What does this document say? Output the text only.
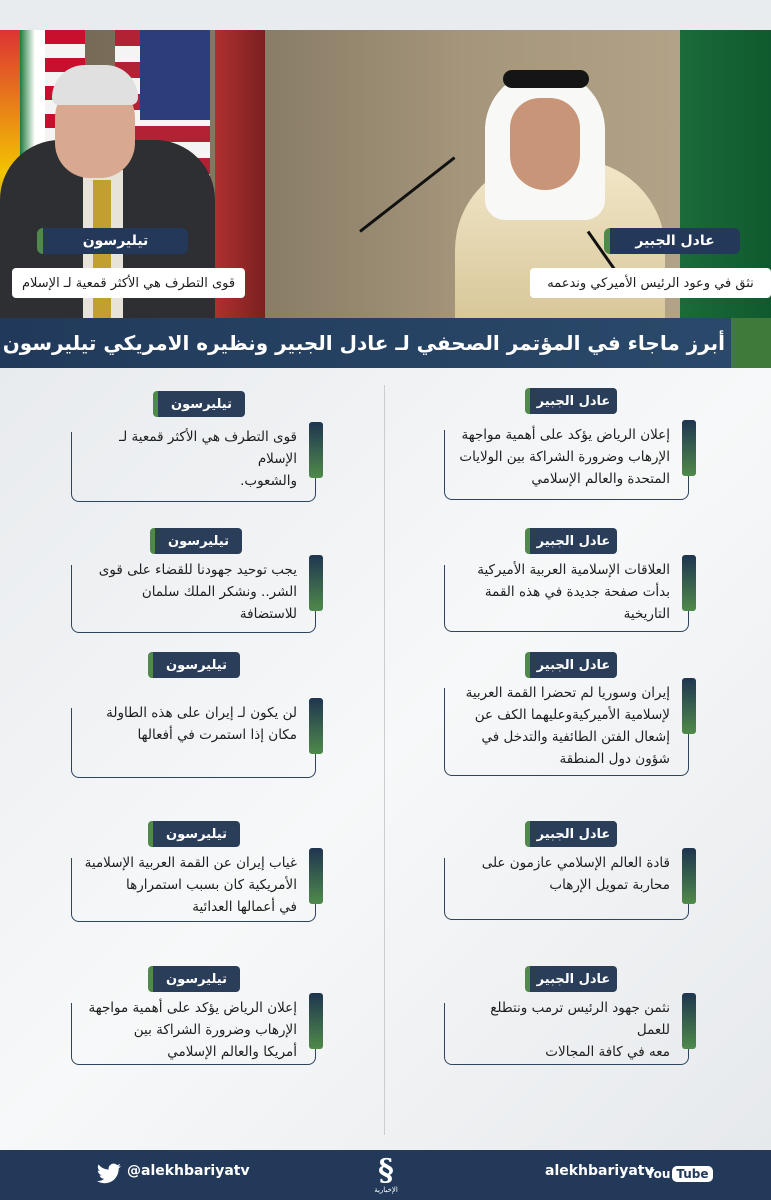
تيليرسون
قوى التطرف هي الأكثر قمعية لـ الإسلام
عادل الجبير
نثق في وعود الرئيس الأميركي وندعمه
أبرز ماجاء في المؤتمر الصحفي لـ عادل الجبير ونظيره الامريكي تيليرسون
عادل الجبير
إعلان الرياض يؤكد على أهمية مواجهة
الإرهاب وضرورة الشراكة بين الولايات
المتحدة والعالم الإسلامي
عادل الجبير
العلاقات الإسلامية العربية الأميركية
بدأت صفحة جديدة في هذه القمة
التاريخية
عادل الجبير
إيران وسوريا لم تحضرا القمة العربية
لإسلامية الأميركيةوعليهما الكف عن
إشعال الفتن الطائفية والتدخل في
شؤون دول المنطقة
عادل الجبير
قادة العالم الإسلامي عازمون على
محاربة تمويل الإرهاب
عادل الجبير
نثمن جهود الرئيس ترمب ونتطلع للعمل
معه في كافة المجالات
تيليرسون
قوى التطرف هي الأكثر قمعية لـ الإسلام
والشعوب.
تيليرسون
يجب توحيد جهودنا للقضاء على قوى
الشر.. ونشكر الملك سلمان
للاستضافة
تيليرسون
لن يكون لـ إيران على هذه الطاولة
مكان إذا استمرت في أفعالها
تيليرسون
غياب إيران عن القمة العربية الإسلامية
الأمريكية كان بسبب استمرارها
في أعمالها العدائية
تيليرسون
إعلان الرياض يؤكد على أهمية مواجهة
الإرهاب وضرورة الشراكة بين
أمريكا والعالم الإسلامي
@alekhbariyatv	§
الإخبارية
alekhbariyatv
You Tube
